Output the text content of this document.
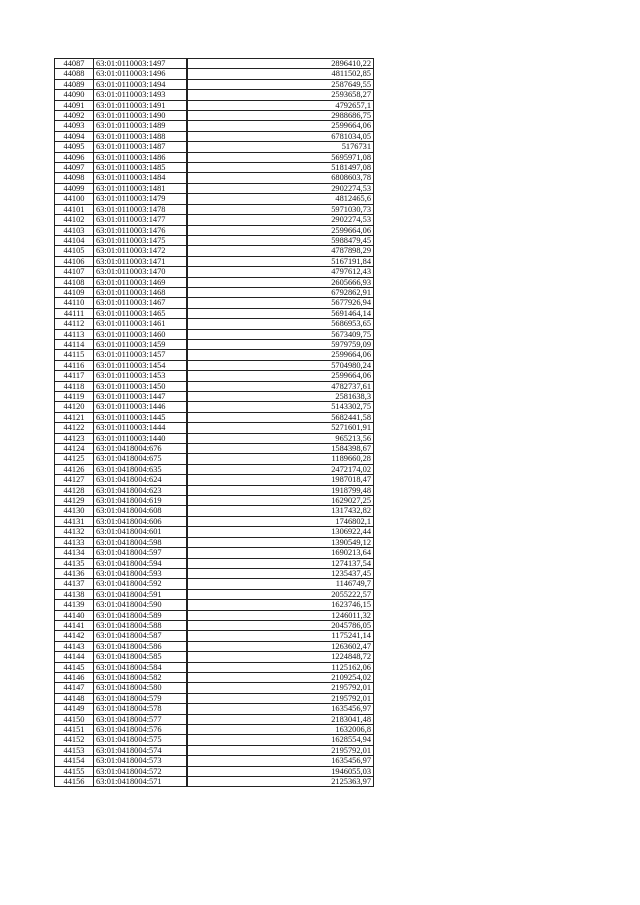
44087	63:01:0110003:1497	2896410,22
44088	63:01:0110003:1496	4811502,85
44089	63:01:0110003:1494	2587649,55
44090	63:01:0110003:1493	2593658,27
44091	63:01:0110003:1491	4792657,1
44092	63:01:0110003:1490	2988686,75
44093	63:01:0110003:1489	2599664,06
44094	63:01:0110003:1488	6781034,05
44095	63:01:0110003:1487	5176731
44096	63:01:0110003:1486	5695971,08
44097	63:01:0110003:1485	5181497,08
44098	63:01:0110003:1484	6808603,78
44099	63:01:0110003:1481	2902274,53
44100	63:01:0110003:1479	4812465,6
44101	63:01:0110003:1478	5971030,73
44102	63:01:0110003:1477	2902274,53
44103	63:01:0110003:1476	2599664,06
44104	63:01:0110003:1475	5988479,45
44105	63:01:0110003:1472	4787898,29
44106	63:01:0110003:1471	5167191,84
44107	63:01:0110003:1470	4797612,43
44108	63:01:0110003:1469	2605666,93
44109	63:01:0110003:1468	6792862,91
44110	63:01:0110003:1467	5677926,94
44111	63:01:0110003:1465	5691464,14
44112	63:01:0110003:1461	5686953,65
44113	63:01:0110003:1460	5673409,75
44114	63:01:0110003:1459	5979759,09
44115	63:01:0110003:1457	2599664,06
44116	63:01:0110003:1454	5704980,24
44117	63:01:0110003:1453	2599664,06
44118	63:01:0110003:1450	4782737,61
44119	63:01:0110003:1447	2581638,3
44120	63:01:0110003:1446	5143302,75
44121	63:01:0110003:1445	5682441,58
44122	63:01:0110003:1444	5271601,91
44123	63:01:0110003:1440	965213,56
44124	63:01:0418004:676	1584398,67
44125	63:01:0418004:675	1189660,28
44126	63:01:0418004:635	2472174,02
44127	63:01:0418004:624	1987018,47
44128	63:01:0418004:623	1918799,48
44129	63:01:0418004:619	1629027,25
44130	63:01:0418004:608	1317432,82
44131	63:01:0418004:606	1746802,1
44132	63:01:0418004:601	1306922,44
44133	63:01:0418004:598	1390549,12
44134	63:01:0418004:597	1690213,64
44135	63:01:0418004:594	1274137,54
44136	63:01:0418004:593	1235437,45
44137	63:01:0418004:592	1146749,7
44138	63:01:0418004:591	2055222,57
44139	63:01:0418004:590	1623746,15
44140	63:01:0418004:589	1246011,32
44141	63:01:0418004:588	2045786,05
44142	63:01:0418004:587	1175241,14
44143	63:01:0418004:586	1263602,47
44144	63:01:0418004:585	1224848,72
44145	63:01:0418004:584	1125162,06
44146	63:01:0418004:582	2109254,02
44147	63:01:0418004:580	2195792,01
44148	63:01:0418004:579	2195792,01
44149	63:01:0418004:578	1635456,97
44150	63:01:0418004:577	2183041,48
44151	63:01:0418004:576	1632006,8
44152	63:01:0418004:575	1628554,94
44153	63:01:0418004:574	2195792,01
44154	63:01:0418004:573	1635456,97
44155	63:01:0418004:572	1946055,03
44156	63:01:0418004:571	2125363,97
